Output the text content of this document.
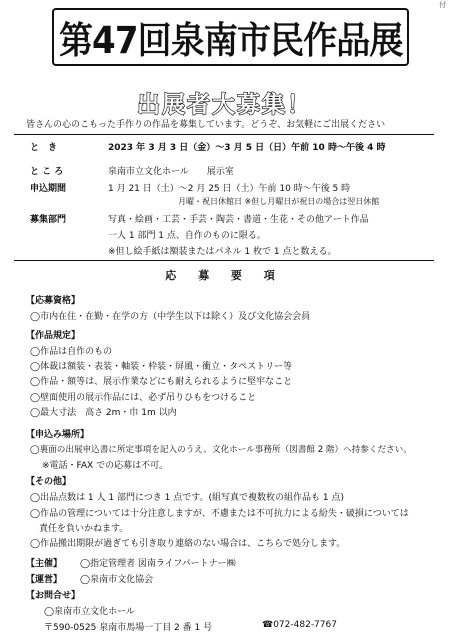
付
第47回泉南市民作品展
出展者大募集！
皆さんの心のこもった手作りの作品を募集しています。どうぞ、お気軽にご出展ください
と　き	2023 年 3 月 3 日（金）～3 月 5 日（日）午前 10 時～午後 4 時
と こ ろ	泉南市立文化ホール　　展示室
申込期間	1 月 21 日（土）～2 月 25 日（土）午前 10 時～午後 5 時
月曜・祝日休館日 ※但し月曜日が祝日の場合は翌日休館
募集部門	写真・絵画・工芸・手芸・陶芸・書道・生花・その他アート作品
一人 1 部門 1 点、自作のものに限る。
※但し絵手紙は額装またはパネル 1 枚で 1 点と数える。
応 募 要 項
【応募資格】
◯市内在住・在勤・在学の方（中学生以下は除く）及び文化協会会員
【作品規定】
◯作品は自作のもの
◯体裁は額装・表装・軸装・枠装・屏風・衝立・タペストリー等
◯作品・額等は、展示作業などにも耐えられるように堅牢なこと
◯壁面使用の展示作品には、必ず吊りひもをつけること
◯最大寸法　高さ 2m・巾 1m 以内
【申込み場所】
◯裏面の出展申込書に所定事項を記入のうえ、文化ホール事務所（図書館 2 階）へ持参ください。
※電話・FAX での応募は不可。
【その他】
◯出品点数は 1 人 1 部門につき 1 点です。(組写真で複数枚の組作品も 1 点)
◯作品の管理については十分注意しますが、不慮または不可抗力による紛失・破損については
　責任を負いかねます。
◯作品搬出期限が過ぎても引き取り連絡のない場合は、こちらで処分します。
【主催】 ◯指定管理者 図南ライフパートナー㈱
【運営】 ◯泉南市文化協会
【お問合せ】
◯泉南市立文化ホール
〒590-0525 泉南市馬場一丁目 2 番 1 号	☎072-482-7767
